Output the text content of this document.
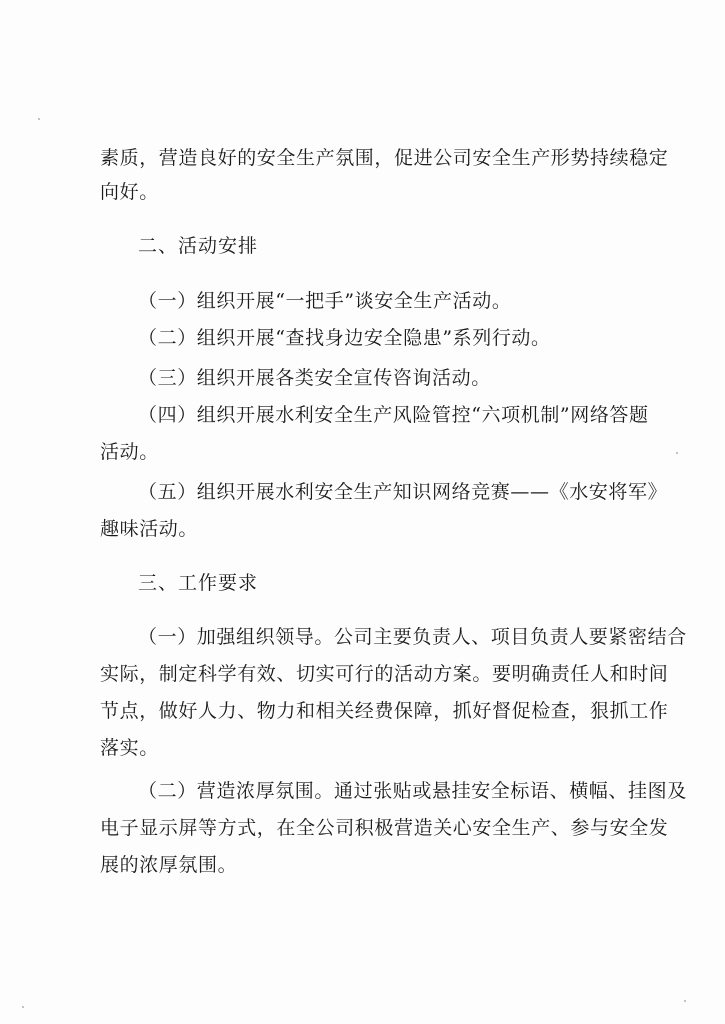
素质，营造良好的安全生产氛围，促进公司安全生产形势持续稳定
向好。
二、活动安排
（一）组织开展“一把手”谈安全生产活动。
（二）组织开展“查找身边安全隐患”系列行动。
（三）组织开展各类安全宣传咨询活动。
（四）组织开展水利安全生产风险管控“六项机制”网络答题
活动。
（五）组织开展水利安全生产知识网络竞赛——《水安将军》
趣味活动。
三、工作要求
（一）加强组织领导。公司主要负责人、项目负责人要紧密结合
实际，制定科学有效、切实可行的活动方案。要明确责任人和时间
节点，做好人力、物力和相关经费保障，抓好督促检查，狠抓工作
落实。
（二）营造浓厚氛围。通过张贴或悬挂安全标语、横幅、挂图及
电子显示屏等方式，在全公司积极营造关心安全生产、参与安全发
展的浓厚氛围。
